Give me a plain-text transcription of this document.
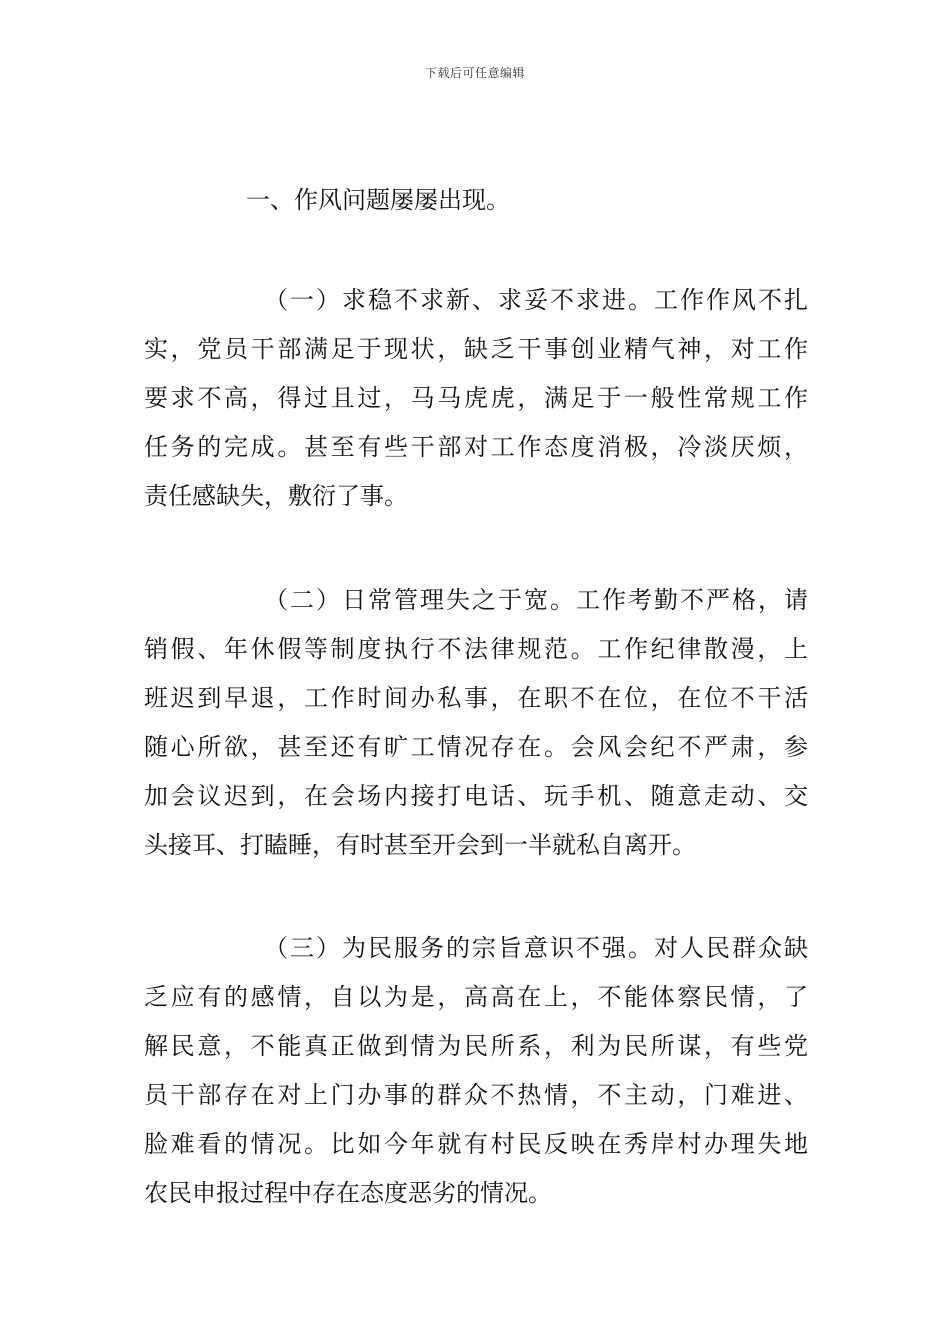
下载后可任意编辑
一、作风问题屡屡出现。
（一）求稳不求新、求妥不求进。工作作风不扎
实，党员干部满足于现状，缺乏干事创业精气神，对工作
要求不高，得过且过，马马虎虎，满足于一般性常规工作
任务的完成。甚至有些干部对工作态度消极，冷淡厌烦，
责任感缺失，敷衍了事。
（二）日常管理失之于宽。工作考勤不严格，请
销假、年休假等制度执行不法律规范。工作纪律散漫，上
班迟到早退，工作时间办私事，在职不在位，在位不干活
随心所欲，甚至还有旷工情况存在。会风会纪不严肃，参
加会议迟到，在会场内接打电话、玩手机、随意走动、交
头接耳、打瞌睡，有时甚至开会到一半就私自离开。
（三）为民服务的宗旨意识不强。对人民群众缺
乏应有的感情，自以为是，高高在上，不能体察民情，了
解民意，不能真正做到情为民所系，利为民所谋，有些党
员干部存在对上门办事的群众不热情，不主动，门难进、
脸难看的情况。比如今年就有村民反映在秀岸村办理失地
农民申报过程中存在态度恶劣的情况。
